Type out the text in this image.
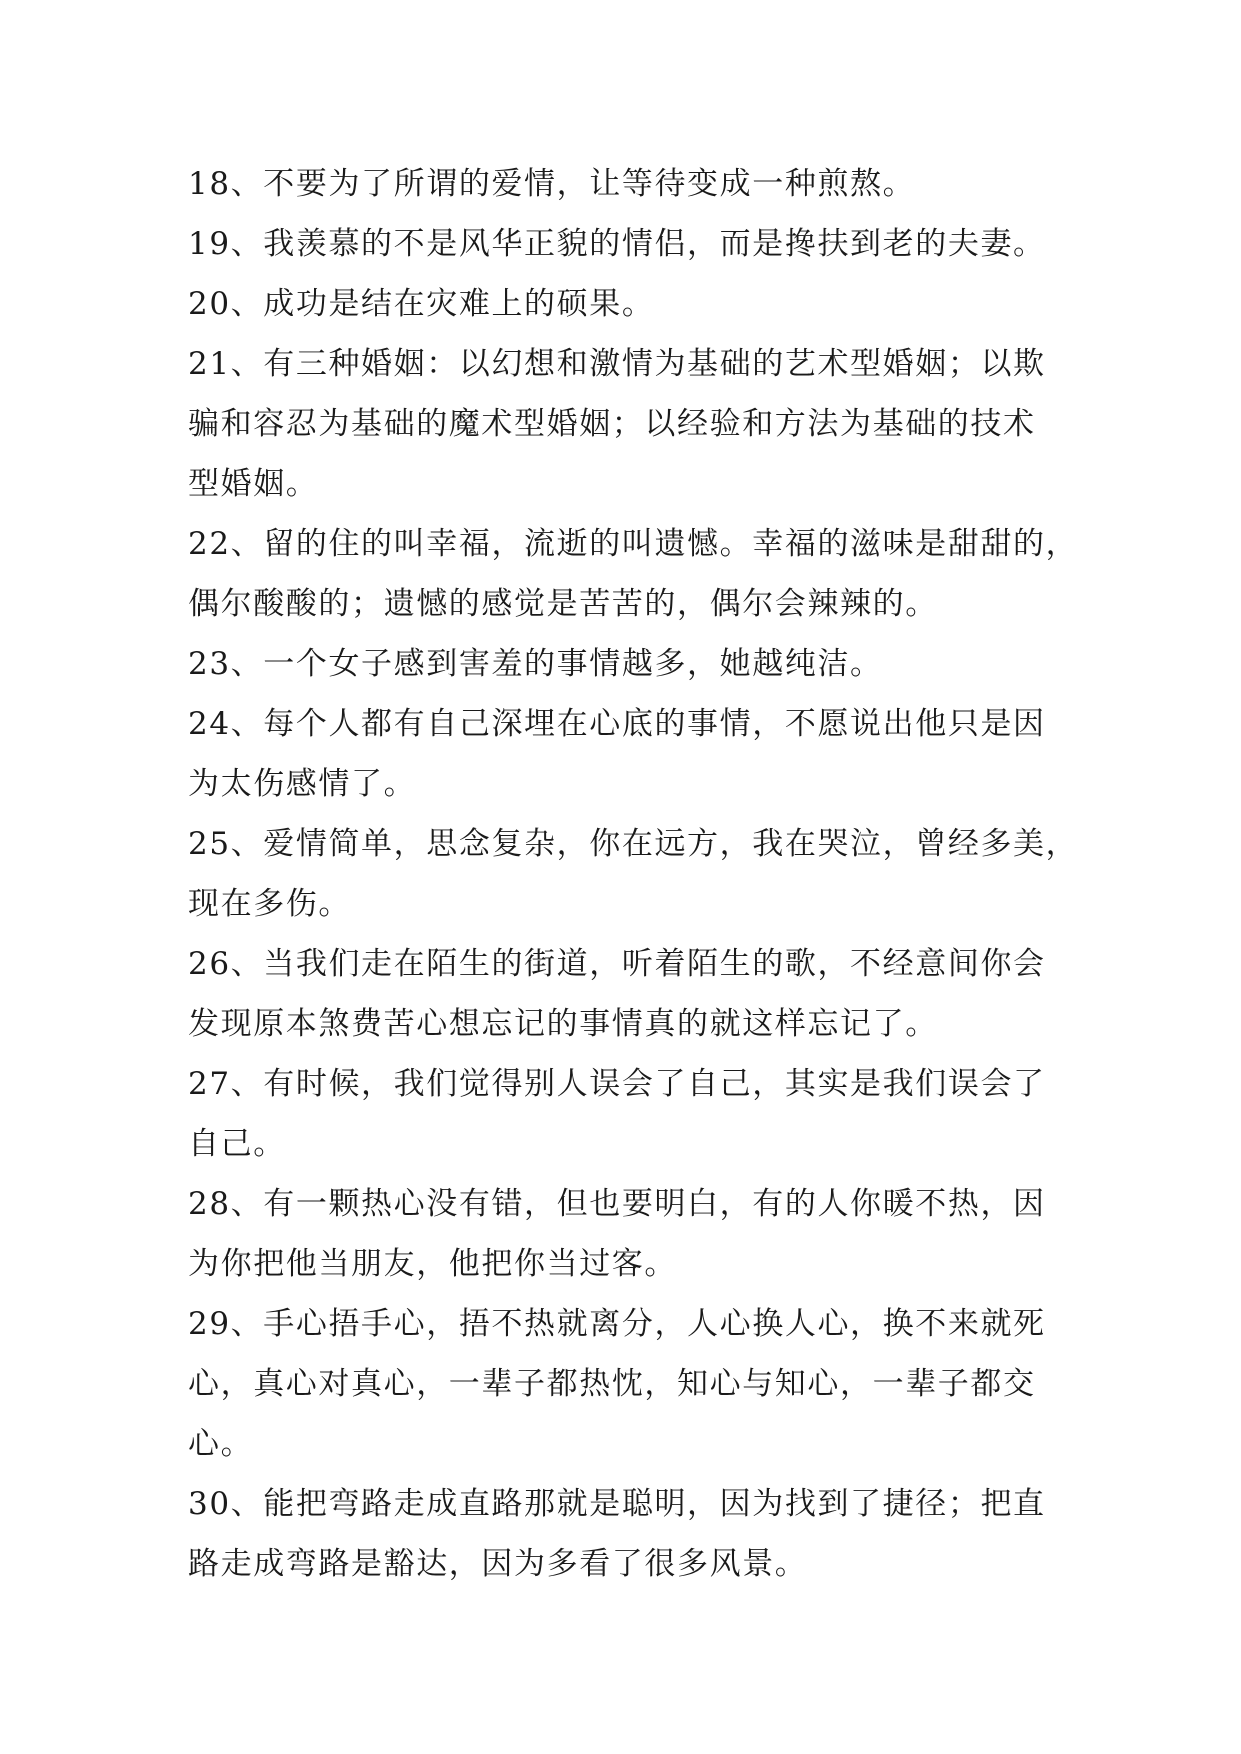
18、不要为了所谓的爱情，让等待变成一种煎熬。
19、我羡慕的不是风华正貌的情侣，而是搀扶到老的夫妻。
20、成功是结在灾难上的硕果。
21、有三种婚姻：以幻想和激情为基础的艺术型婚姻；以欺
骗和容忍为基础的魔术型婚姻；以经验和方法为基础的技术
型婚姻。
22、留的住的叫幸福，流逝的叫遗憾。幸福的滋味是甜甜的，
偶尔酸酸的；遗憾的感觉是苦苦的，偶尔会辣辣的。
23、一个女子感到害羞的事情越多，她越纯洁。
24、每个人都有自己深埋在心底的事情，不愿说出他只是因
为太伤感情了。
25、爱情简单，思念复杂，你在远方，我在哭泣，曾经多美，
现在多伤。
26、当我们走在陌生的街道，听着陌生的歌，不经意间你会
发现原本煞费苦心想忘记的事情真的就这样忘记了。
27、有时候，我们觉得别人误会了自己，其实是我们误会了
自己。
28、有一颗热心没有错，但也要明白，有的人你暖不热，因
为你把他当朋友，他把你当过客。
29、手心捂手心，捂不热就离分，人心换人心，换不来就死
心，真心对真心，一辈子都热忱，知心与知心，一辈子都交
心。
30、能把弯路走成直路那就是聪明，因为找到了捷径；把直
路走成弯路是豁达，因为多看了很多风景。
